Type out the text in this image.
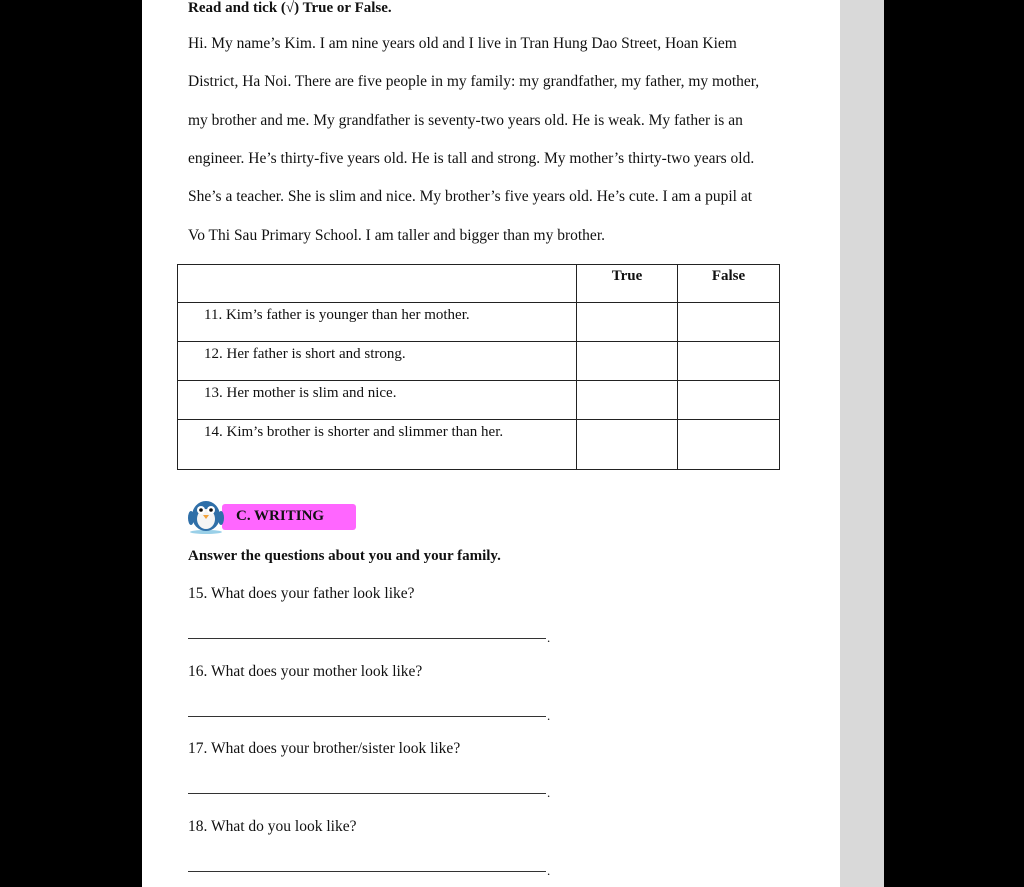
Read and tick (√) True or False.
Hi. My name’s Kim. I am nine years old and I live in Tran Hung Dao Street, Hoan Kiem
District, Ha Noi. There are five people in my family: my grandfather, my father, my mother,
my brother and me. My grandfather is seventy-two years old. He is weak. My father is an
engineer. He’s thirty-five years old. He is tall and strong. My mother’s thirty-two years old.
She’s a teacher. She is slim and nice. My brother’s five years old. He’s cute. I am a pupil at
Vo Thi Sau Primary School. I am taller and bigger than my brother.
	True	False
11. Kim’s father is younger than her mother.		
12. Her father is short and strong.		
13. Her mother is slim and nice.		
14. Kim’s brother is shorter and slimmer than her.		
C. WRITING
Answer the questions about you and your family.
15. What does your father look like?
.
16. What does your mother look like?
.
17. What does your brother/sister look like?
.
18. What do you look like?
.
